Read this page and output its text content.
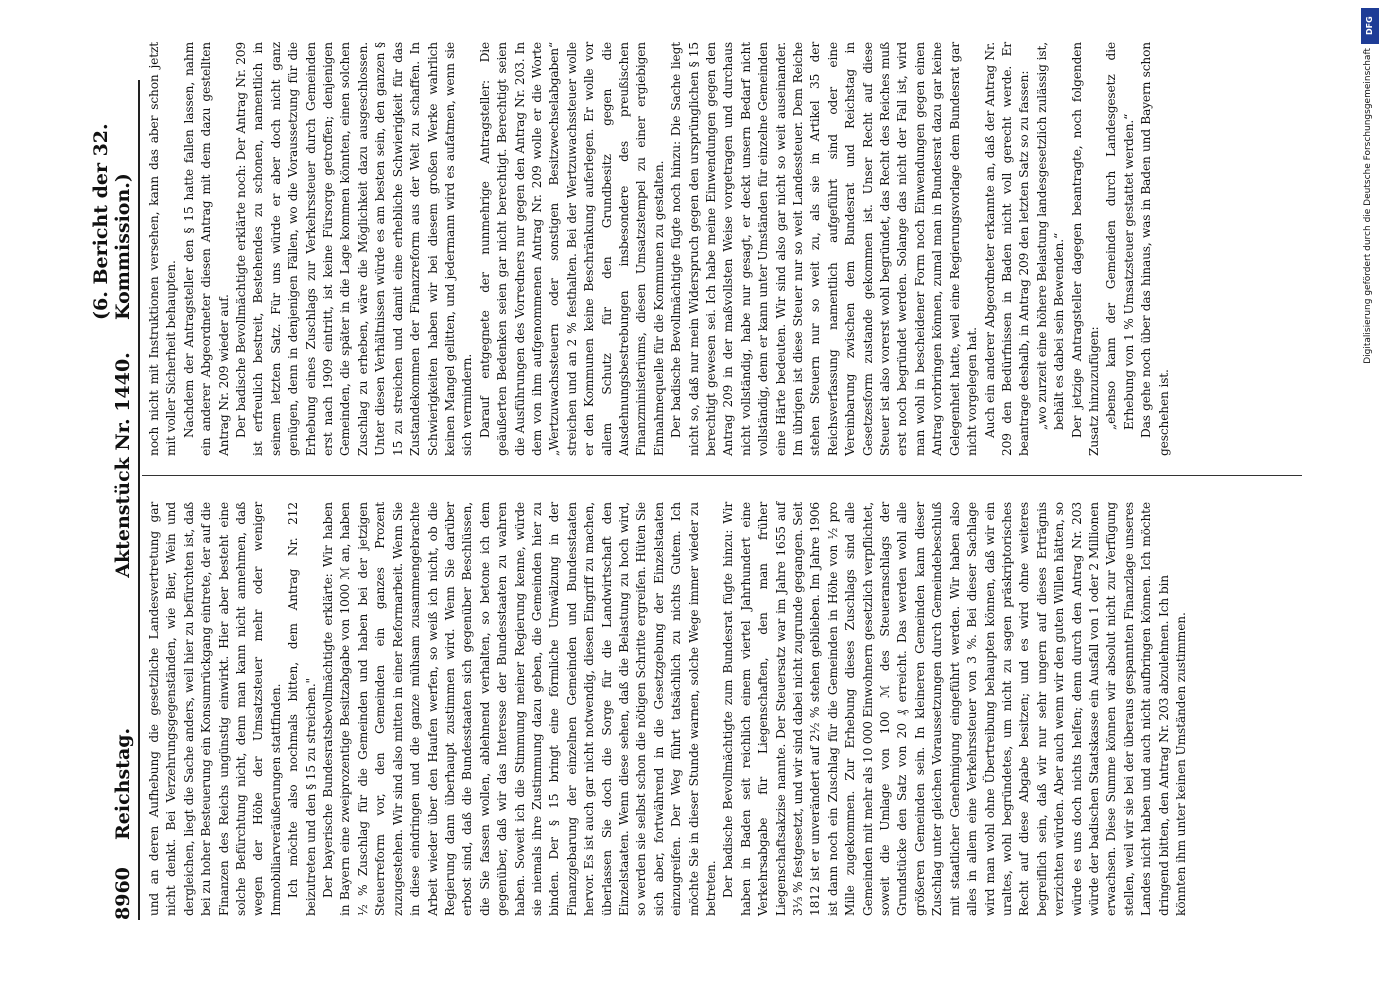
8960
Reichstag.
Aktenstück Nr. 1440.
(6. Bericht der 32. Kommission.)

und an deren Aufhebung die gesetzliche Landesvertretung gar nicht denkt. Bei Verzehrungsgegenständen, wie Bier, Wein und dergleichen, liegt die Sache anders, weil hier zu befürchten ist, daß bei zu hoher Besteuerung ein Konsumrückgang eintrete, der auf die Finanzen des Reichs ungünstig einwirkt. Hier aber besteht eine solche Befürchtung nicht, denn man kann nicht annehmen, daß wegen der Höhe der Umsatzsteuer mehr oder weniger Immobiliarveräußerungen stattfinden. Ich möchte also nochmals bitten, dem Antrag Nr. 212 beizutreten und den § 15 zu streichen." Der bayerische Bundesratsbevollmächtigte erklärte: Wir haben in Bayern eine zweiprozentige Besitzabgabe von 1000 ℳ an, haben ½ % Zuschlag für die Gemeinden und haben bei der jetzigen Steuerreform vor, den Gemeinden ein ganzes Prozent zuzugestehen. Wir sind also mitten in einer Reformarbeit. Wenn Sie in diese eindringen und die ganze mühsam zusammengebrachte Arbeit wieder über den Haufen werfen, so weiß ich nicht, ob die Regierung dann überhaupt zustimmen wird. Wenn Sie darüber erbost sind, daß die Bundesstaaten sich gegenüber Beschlüssen, die Sie fassen wollen, ablehnend verhalten, so betone ich dem gegenüber, daß wir das Interesse der Bundesstaaten zu wahren haben. Soweit ich die Stimmung meiner Regierung kenne, würde sie niemals ihre Zustimmung dazu geben, die Gemeinden hier zu binden. Der § 15 bringt eine förmliche Umwälzung in der Finanzgebarung der einzelnen Gemeinden und Bundesstaaten hervor. Es ist auch gar nicht notwendig, diesen Eingriff zu machen, überlassen Sie doch die Sorge für die Landwirtschaft den Einzelstaaten. Wenn diese sehen, daß die Belastung zu hoch wird, so werden sie selbst schon die nötigen Schritte ergreifen. Hüten Sie sich aber, fortwährend in die Gesetzgebung der Einzelstaaten einzugreifen. Der Weg führt tatsächlich zu nichts Gutem. Ich möchte Sie in dieser Stunde warnen, solche Wege immer wieder zu betreten. Der badische Bevollmächtigte zum Bundesrat fügte hinzu: Wir haben in Baden seit reichlich einem viertel Jahrhundert eine Verkehrsabgabe für Liegenschaften, den man früher Liegenschaftsakzise nannte. Der Steuersatz war im Jahre 1655 auf 3⅓ % festgesetzt, und wir sind dabei nicht zugrunde gegangen. Seit 1812 ist er unverändert auf 2½ % stehen geblieben. Im Jahre 1906 ist dann noch ein Zuschlag für die Gemeinden in Höhe von ½ pro Mille zugekommen. Zur Erhebung dieses Zuschlags sind alle Gemeinden mit mehr als 10 000 Einwohnern gesetzlich verpflichtet, soweit die Umlage von 100 ℳ des Steueranschlags der Grundstücke den Satz von 20 ₰ erreicht. Das werden wohl alle größeren Gemeinden sein. In kleineren Gemeinden kann dieser Zuschlag unter gleichen Voraussetzungen durch Gemeindebeschluß mit staatlicher Genehmigung eingeführt werden. Wir haben also alles in allem eine Verkehrssteuer von 3 %. Bei dieser Sachlage wird man wohl ohne Übertreibung behaupten können, daß wir ein uraltes, wohl begründetes, um nicht zu sagen präskriptorisches Recht auf diese Abgabe besitzen; und es wird ohne weiteres begreiflich sein, daß wir nur sehr ungern auf dieses Erträgnis verzichten würden. Aber auch wenn wir den guten Willen hätten, so würde es uns doch nichts helfen; denn durch den Antrag Nr. 203 würde der badischen Staatskasse ein Ausfall von 1 oder 2 Millionen erwachsen. Diese Summe können wir absolut nicht zur Verfügung stellen, weil wir sie bei der überaus gespannten Finanzlage unseres Landes nicht haben und auch nicht aufbringen können. Ich möchte dringend bitten, den Antrag Nr. 203 abzulehnen. Ich bin könnten ihm unter keinen Umständen zustimmen.

noch nicht mit Instruktionen versehen, kann das aber schon jetzt mit voller Sicherheit behaupten. Nachdem der Antragsteller den § 15 hatte fallen lassen, nahm ein anderer Abgeordneter diesen Antrag mit dem dazu gestellten Antrag Nr. 209 wieder auf. Der badische Bevollmächtigte erklärte noch: Der Antrag Nr. 209 ist erfreulich bestreit, Bestehendes zu schonen, namentlich in seinem letzten Satz. Für uns würde er aber doch nicht ganz genügen, denn in denjenigen Fällen, wo die Voraussetzung für die Erhebung eines Zuschlags zur Verkehrssteuer durch Gemeinden erst nach 1909 eintritt, ist keine Fürsorge getroffen; denjenigen Gemeinden, die später in die Lage kommen könnten, einen solchen Zuschlag zu erheben, wäre die Möglichkeit dazu ausgeschlossen. Unter diesen Verhältnissen würde es am besten sein, den ganzen § 15 zu streichen und damit eine erhebliche Schwierigkeit für das Zustandekommen der Finanzreform aus der Welt zu schaffen. In Schwierigkeiten haben wir bei diesem großen Werke wahrlich keinen Mangel gelitten, und jedermann wird es aufatmen, wenn sie sich vermindern. Darauf entgegnete der nunmehrige Antragsteller: Die geäußerten Bedenken seien gar nicht berechtigt. Berechtigt seien die Ausführungen des Vorredners nur gegen den Antrag Nr. 203. In dem von ihm aufgenommenen Antrag Nr. 209 wolle er die Worte „Wertzuwachssteuern oder sonstigen Besitzwechselabgaben“ streichen und an 2 % festhalten. Bei der Wertzuwachssteuer wolle er den Kommunen keine Beschränkung auferlegen. Er wolle vor allem Schutz für den Grundbesitz gegen die Ausdehnungsbestrebungen insbesondere des preußischen Finanzministeriums, diesen Umsatzstempel zu einer ergiebigen Einnahmequelle für die Kommunen zu gestalten. Der badische Bevollmächtigte fügte noch hinzu: Die Sache liegt nicht so, daß nur mein Widerspruch gegen den ursprünglichen § 15 berechtigt gewesen sei. Ich habe meine Einwendungen gegen den Antrag 209 in der maßvollsten Weise vorgetragen und durchaus nicht vollständig, habe nur gesagt, er deckt unsern Bedarf nicht vollständig, denn er kann unter Umständen für einzelne Gemeinden eine Härte bedeuten. Wir sind also gar nicht so weit auseinander. Im übrigen ist diese Steuer nur so weit Landessteuer. Dem Reiche stehen Steuern nur so weit zu, als sie in Artikel 35 der Reichsverfassung namentlich aufgeführt sind oder eine Vereinbarung zwischen dem Bundesrat und Reichstag in Gesetzesform zustande gekommen ist. Unser Recht auf diese Steuer ist also vorerst wohl begründet, das Recht des Reiches muß erst noch begründet werden. Solange das nicht der Fall ist, wird man wohl in bescheidener Form noch Einwendungen gegen einen Antrag vorbringen können, zumal man in Bundesrat dazu gar keine Gelegenheit hatte, weil eine Regierungsvorlage dem Bundesrat gar nicht vorgelegen hat. Auch ein anderer Abgeordneter erkannte an, daß der Antrag Nr. 209 den Bedürfnissen in Baden nicht voll gerecht werde. Er beantrage deshalb, in Antrag 209 den letzten Satz so zu fassen: „wo zurzeit eine höhere Belastung landesgesetzlich zulässig ist, behält es dabei sein Bewenden.“ Der jetzige Antragsteller dagegen beantragte, noch folgenden Zusatz hinzuzufügen: „ebenso kann der Gemeinden durch Landesgesetz die Erhebung von 1 % Umsatzsteuer gestattet werden.“ Das gehe noch über das hinaus, was in Baden und Bayern schon geschehen ist.

DFG
Digitalisierung gefördert durch die Deutsche Forschungsgemeinschaft
